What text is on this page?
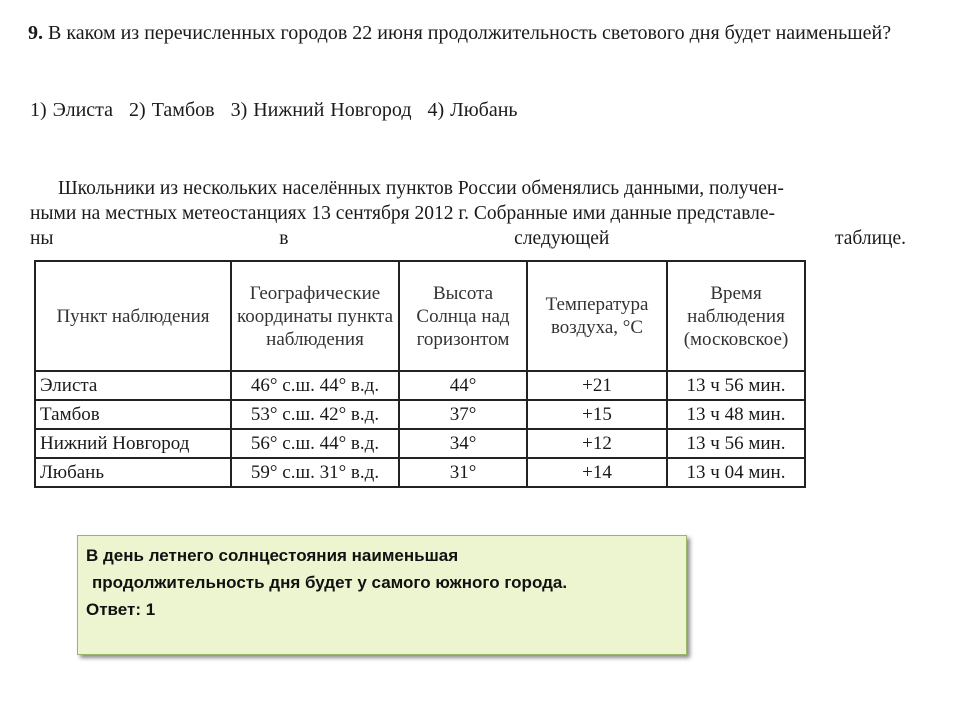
9. В каком из перечисленных городов 22 июня продолжительность светового дня будет наименьшей?
1) Элиста 2) Тамбов 3) Нижний Новгород 4) Любань
Школьники из нескольких населённых пунктов России обменялись данными, получен-
ными на местных метеостанциях 13 сентября 2012 г. Собранные ими данные представле-
ны	в	следующей	таблице.
Пункт наблюдения	Географические координаты пункта наблюдения	Высота Солнца над горизонтом	Температура воздуха, °С	Время наблюдения (московское)
Элиста	46° с.ш. 44° в.д.	44°	+21	13 ч 56 мин.
Тамбов	53° с.ш. 42° в.д.	37°	+15	13 ч 48 мин.
Нижний Новгород	56° с.ш. 44° в.д.	34°	+12	13 ч 56 мин.
Любань	59° с.ш. 31° в.д.	31°	+14	13 ч 04 мин.
В день летнего солнцестояния наименьшая
продолжительность дня будет у самого южного города.
Ответ: 1
